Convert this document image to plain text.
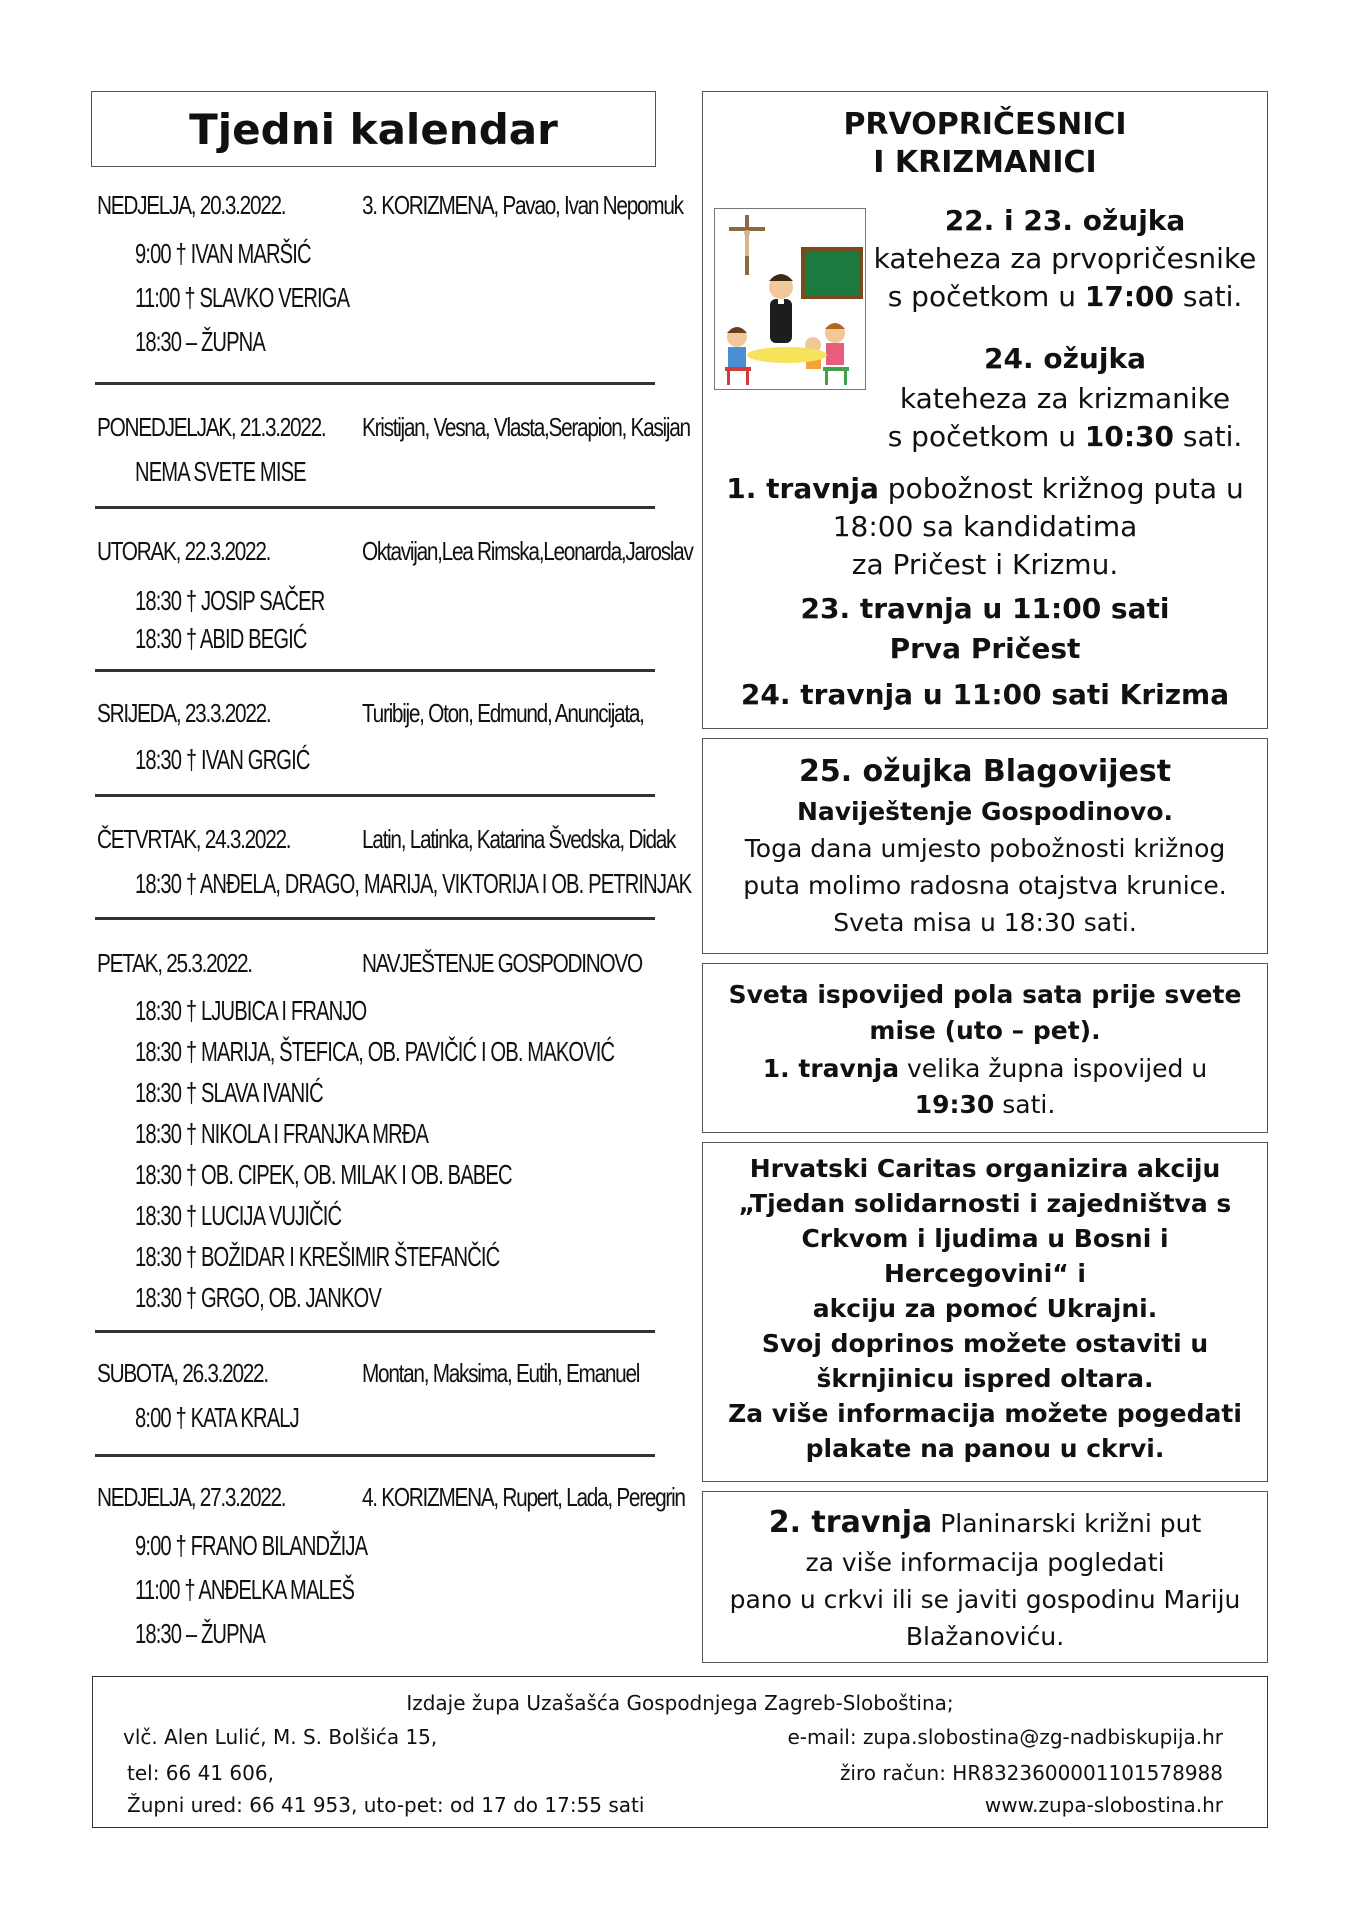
Tjedni kalendar
NEDJELJA, 20.3.2022.	3. KORIZMENA, Pavao, Ivan Nepomuk
9:00 † IVAN MARŠIĆ
11:00 † SLAVKO VERIGA
18:30 – ŽUPNA
PONEDJELJAK, 21.3.2022. Kristijan, Vesna, Vlasta,Serapion, Kasijan
NEMA SVETE MISE
UTORAK, 22.3.2022.	Oktavijan,Lea Rimska,Leonarda,Jaroslav
18:30 † JOSIP SAČER
18:30 † ABID BEGIĆ
SRIJEDA, 23.3.2022.	Turibije, Oton, Edmund, Anuncijata,
18:30 † IVAN GRGIĆ
ČETVRTAK, 24.3.2022.	Latin, Latinka, Katarina Švedska, Didak
18:30 † ANĐELA, DRAGO, MARIJA, VIKTORIJA I OB. PETRINJAK
PETAK, 25.3.2022.	NAVJEŠTENJE GOSPODINOVO
18:30 † LJUBICA I FRANJO
18:30 † MARIJA, ŠTEFICA, OB. PAVIČIĆ I OB. MAKOVIĆ
18:30 † SLAVA IVANIĆ
18:30 † NIKOLA I FRANJKA MRĐA
18:30 † OB. CIPEK, OB. MILAK I OB. BABEC
18:30 † LUCIJA VUJIČIĆ
18:30 † BOŽIDAR I KREŠIMIR ŠTEFANČIĆ
18:30 † GRGO, OB. JANKOV
SUBOTA, 26.3.2022.	Montan, Maksima, Eutih, Emanuel
8:00 † KATA KRALJ
NEDJELJA, 27.3.2022.	4. KORIZMENA, Rupert, Lada, Peregrin
9:00 † FRANO BILANDŽIJA
11:00 † ANĐELKA MALEŠ
18:30 – ŽUPNA
PRVOPRIČESNICI
I KRIZMANICI
22. i 23. ožujka
kateheza za prvopričesnike
s početkom u 17:00 sati.
24. ožujka
kateheza za krizmanike
s početkom u 10:30 sati.
1. travnja pobožnost križnog puta u
18:00 sa kandidatima
za Pričest i Krizmu.
23. travnja u 11:00 sati
Prva Pričest
24. travnja u 11:00 sati Krizma
25. ožujka Blagovijest
Naviještenje Gospodinovo.
Toga dana umjesto pobožnosti križnog
puta molimo radosna otajstva krunice.
Sveta misa u 18:30 sati.
Sveta ispovijed pola sata prije svete
mise (uto – pet).
1. travnja velika župna ispovijed u
19:30 sati.
Hrvatski Caritas organizira akciju
„Tjedan solidarnosti i zajedništva s
Crkvom i ljudima u Bosni i
Hercegovini“ i
akciju za pomoć Ukrajni.
Svoj doprinos možete ostaviti u
škrnjinicu ispred oltara.
Za više informacija možete pogedati
plakate na panou u ckrvi.
2. travnja Planinarski križni put
za više informacija pogledati
pano u crkvi ili se javiti gospodinu Mariju
Blažanoviću.
Izdaje župa Uzašašća Gospodnjega Zagreb-Sloboština;
vlč. Alen Lulić, M. S. Bolšića 15,
tel: 66 41 606,
Župni ured: 66 41 953, uto-pet: od 17 do 17:55 sati
e-mail: zupa.slobostina@zg-nadbiskupija.hr
žiro račun: HR8323600001101578988
www.zupa-slobostina.hr
